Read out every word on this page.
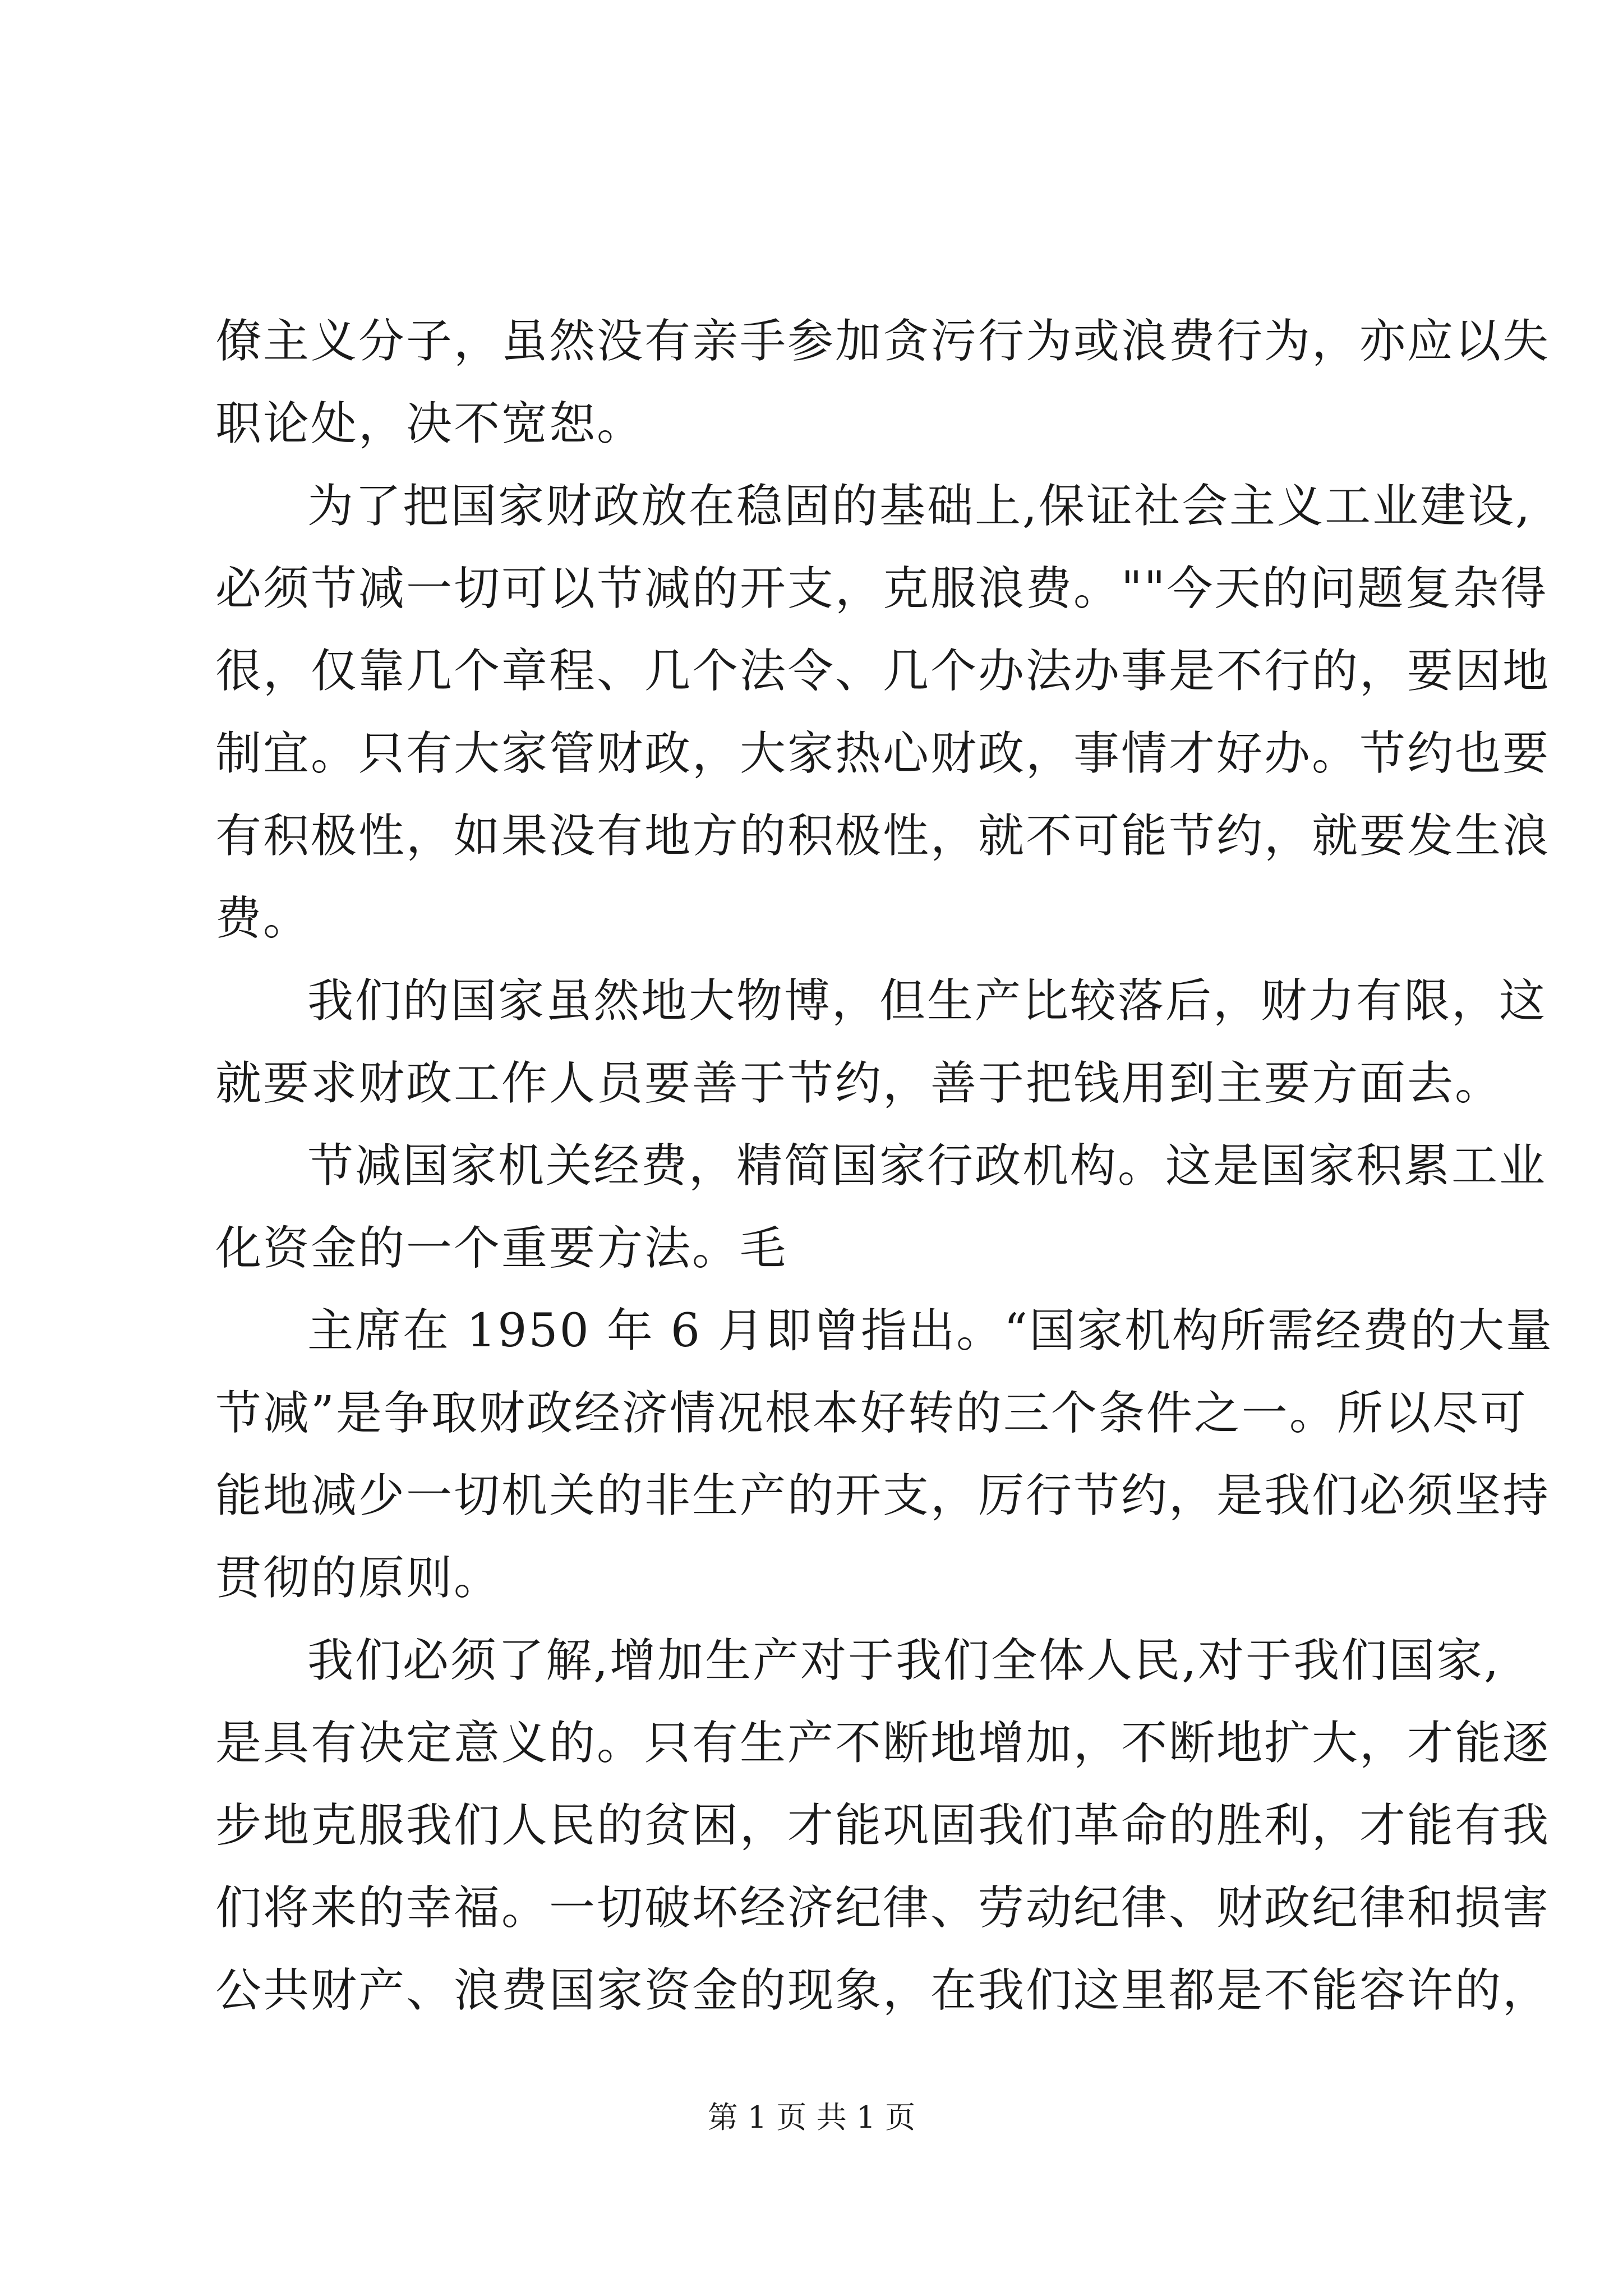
僚主义分子，虽然没有亲手参加贪污行为或浪费行为，亦应以失
职论处，决不宽恕。
为了把国家财政放在稳固的基础上,保证社会主义工业建设,
必须节减一切可以节减的开支，克服浪费。""今天的问题复杂得
很，仅靠几个章程、几个法令、几个办法办事是不行的，要因地
制宜。只有大家管财政，大家热心财政，事情才好办。节约也要
有积极性，如果没有地方的积极性，就不可能节约，就要发生浪
费。
我们的国家虽然地大物博，但生产比较落后，财力有限，这
就要求财政工作人员要善于节约，善于把钱用到主要方面去。
节减国家机关经费，精简国家行政机构。这是国家积累工业
化资金的一个重要方法。毛
主席在 1950 年 6 月即曾指出。“国家机构所需经费的大量
节减”是争取财政经济情况根本好转的三个条件之一。所以尽可
能地减少一切机关的非生产的开支，厉行节约，是我们必须坚持
贯彻的原则。
我们必须了解,增加生产对于我们全体人民,对于我们国家,
是具有决定意义的。只有生产不断地增加，不断地扩大，才能逐
步地克服我们人民的贫困，才能巩固我们革命的胜利，才能有我
们将来的幸福。一切破坏经济纪律、劳动纪律、财政纪律和损害
公共财产、浪费国家资金的现象，在我们这里都是不能容许的，
第 1 页 共 1 页
